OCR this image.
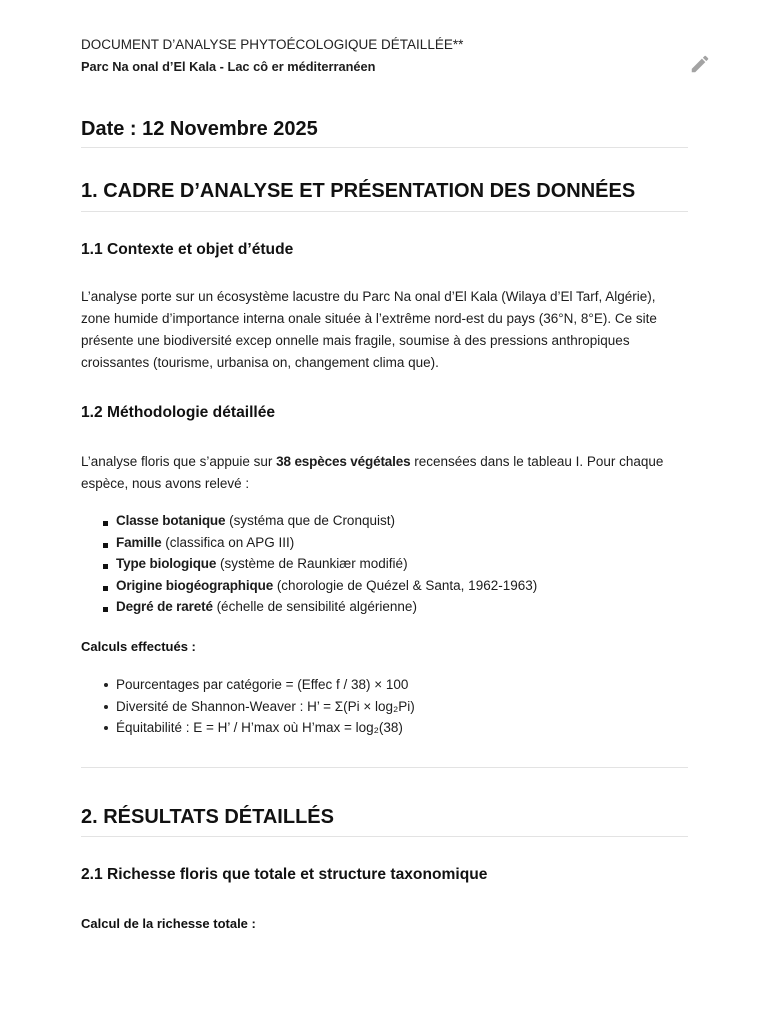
DOCUMENT D’ANALYSE PHYTOÉCOLOGIQUE DÉTAILLÉE**
Parc Na onal d’El Kala - Lac cô er méditerranéen
Date : 12 Novembre 2025
1. CADRE D’ANALYSE ET PRÉSENTATION DES DONNÉES
1.1 Contexte et objet d’étude
L’analyse porte sur un écosystème lacustre du Parc Na onal d’El Kala (Wilaya d’El Tarf, Algérie),
zone humide d’importance interna onale située à l’extrême nord-est du pays (36°N, 8°E). Ce site
présente une biodiversité excep onnelle mais fragile, soumise à des pressions anthropiques
croissantes (tourisme, urbanisa on, changement clima que).
1.2 Méthodologie détaillée
L’analyse floris que s’appuie sur 38 espèces végétales recensées dans le tableau I. Pour chaque
espèce, nous avons relevé :
Classe botanique (systéma que de Cronquist)
Famille (classifica on APG III)
Type biologique (système de Raunkiær modifié)
Origine biogéographique (chorologie de Quézel & Santa, 1962-1963)
Degré de rareté (échelle de sensibilité algérienne)
Calculs effectués :
Pourcentages par catégorie = (Effec f / 38) × 100
Diversité de Shannon-Weaver : H’ = Σ(Pi × log₂Pi)
Équitabilité : E = H’ / H’max où H’max = log₂(38)
2. RÉSULTATS DÉTAILLÉS
2.1 Richesse floris que totale et structure taxonomique
Calcul de la richesse totale :
